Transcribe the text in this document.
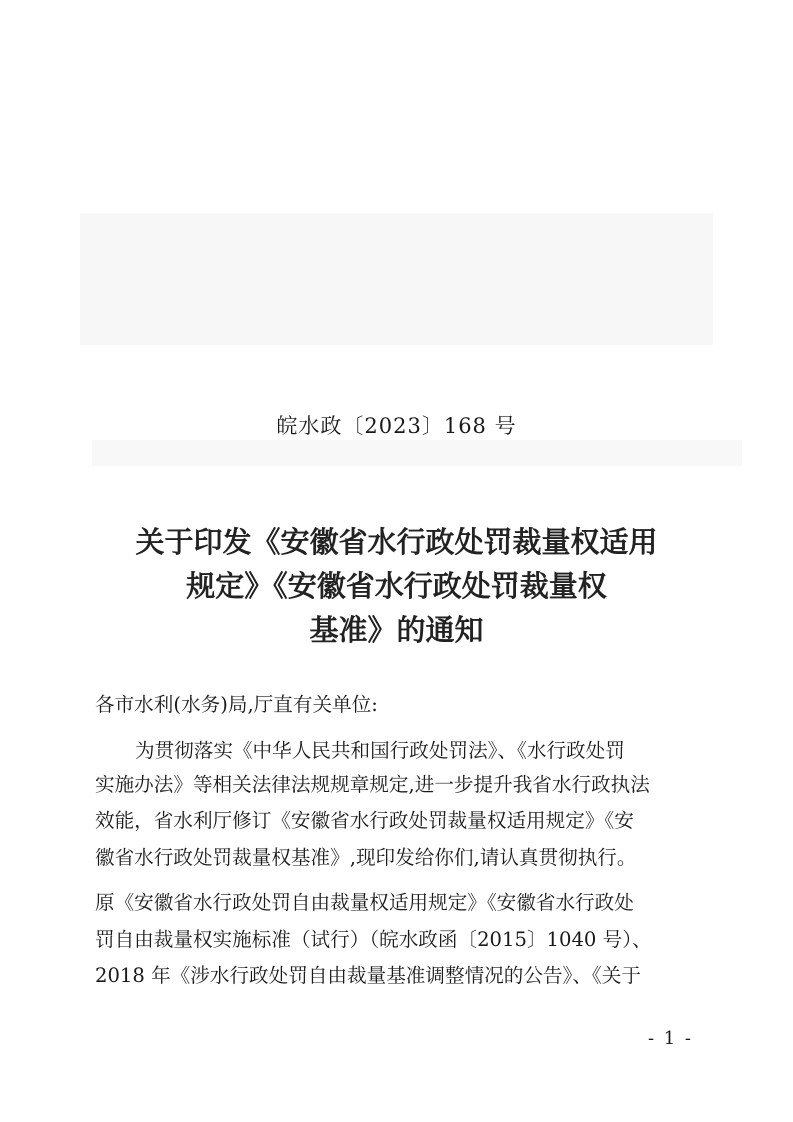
皖水政〔2023〕168 号
关于印发《安徽省水行政处罚裁量权适用
规定》《安徽省水行政处罚裁量权
基准》的通知
各市水利(水务)局,厅直有关单位:
为贯彻落实《中华人民共和国行政处罚法》、《水行政处罚
实施办法》等相关法律法规规章规定,进一步提升我省水行政执法
效能，省水利厅修订《安徽省水行政处罚裁量权适用规定》《安
徽省水行政处罚裁量权基准》,现印发给你们,请认真贯彻执行。
原《安徽省水行政处罚自由裁量权适用规定》《安徽省水行政处
罚自由裁量权实施标准（试行）（皖水政函〔2015〕1040 号）、
2018 年《涉水行政处罚自由裁量基准调整情况的公告》、《关于
- 1 -
